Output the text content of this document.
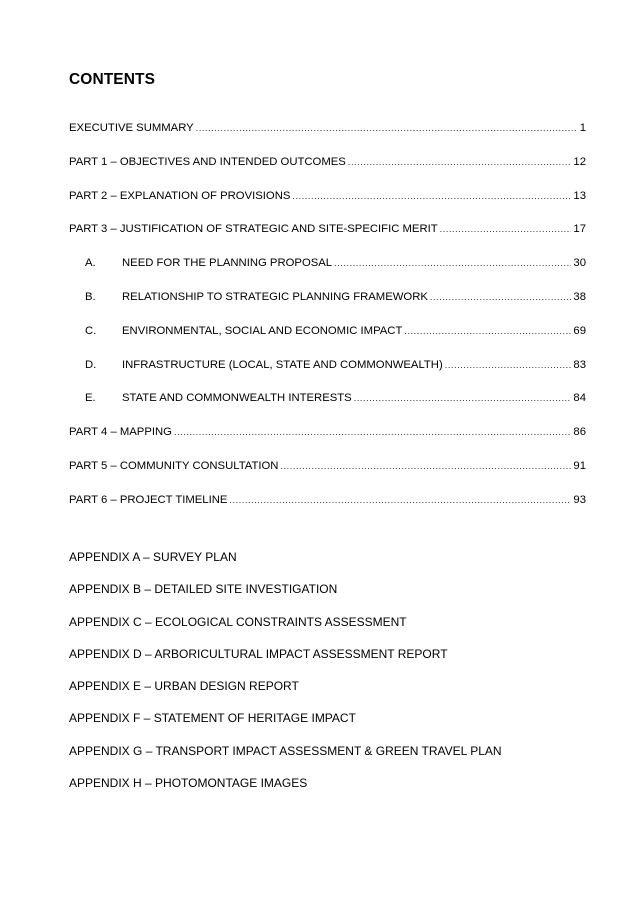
CONTENTS
EXECUTIVE SUMMARY .....	1
PART 1 – OBJECTIVES AND INTENDED OUTCOMES .....	12
PART 2 – EXPLANATION OF PROVISIONS .....	13
PART 3 – JUSTIFICATION OF STRATEGIC AND SITE-SPECIFIC MERIT .....	17
A.	NEED FOR THE PLANNING PROPOSAL .....	30
B.	RELATIONSHIP TO STRATEGIC PLANNING FRAMEWORK .....	38
C.	ENVIRONMENTAL, SOCIAL AND ECONOMIC IMPACT .....	69
D.	INFRASTRUCTURE (LOCAL, STATE AND COMMONWEALTH) .....	83
E.	STATE AND COMMONWEALTH INTERESTS .....	84
PART 4 – MAPPING .....	86
PART 5 – COMMUNITY CONSULTATION .....	91
PART 6 – PROJECT TIMELINE .....	93
APPENDIX A – SURVEY PLAN
APPENDIX B – DETAILED SITE INVESTIGATION
APPENDIX C – ECOLOGICAL CONSTRAINTS ASSESSMENT
APPENDIX D – ARBORICULTURAL IMPACT ASSESSMENT REPORT
APPENDIX E – URBAN DESIGN REPORT
APPENDIX F – STATEMENT OF HERITAGE IMPACT
APPENDIX G – TRANSPORT IMPACT ASSESSMENT & GREEN TRAVEL PLAN
APPENDIX H – PHOTOMONTAGE IMAGES
